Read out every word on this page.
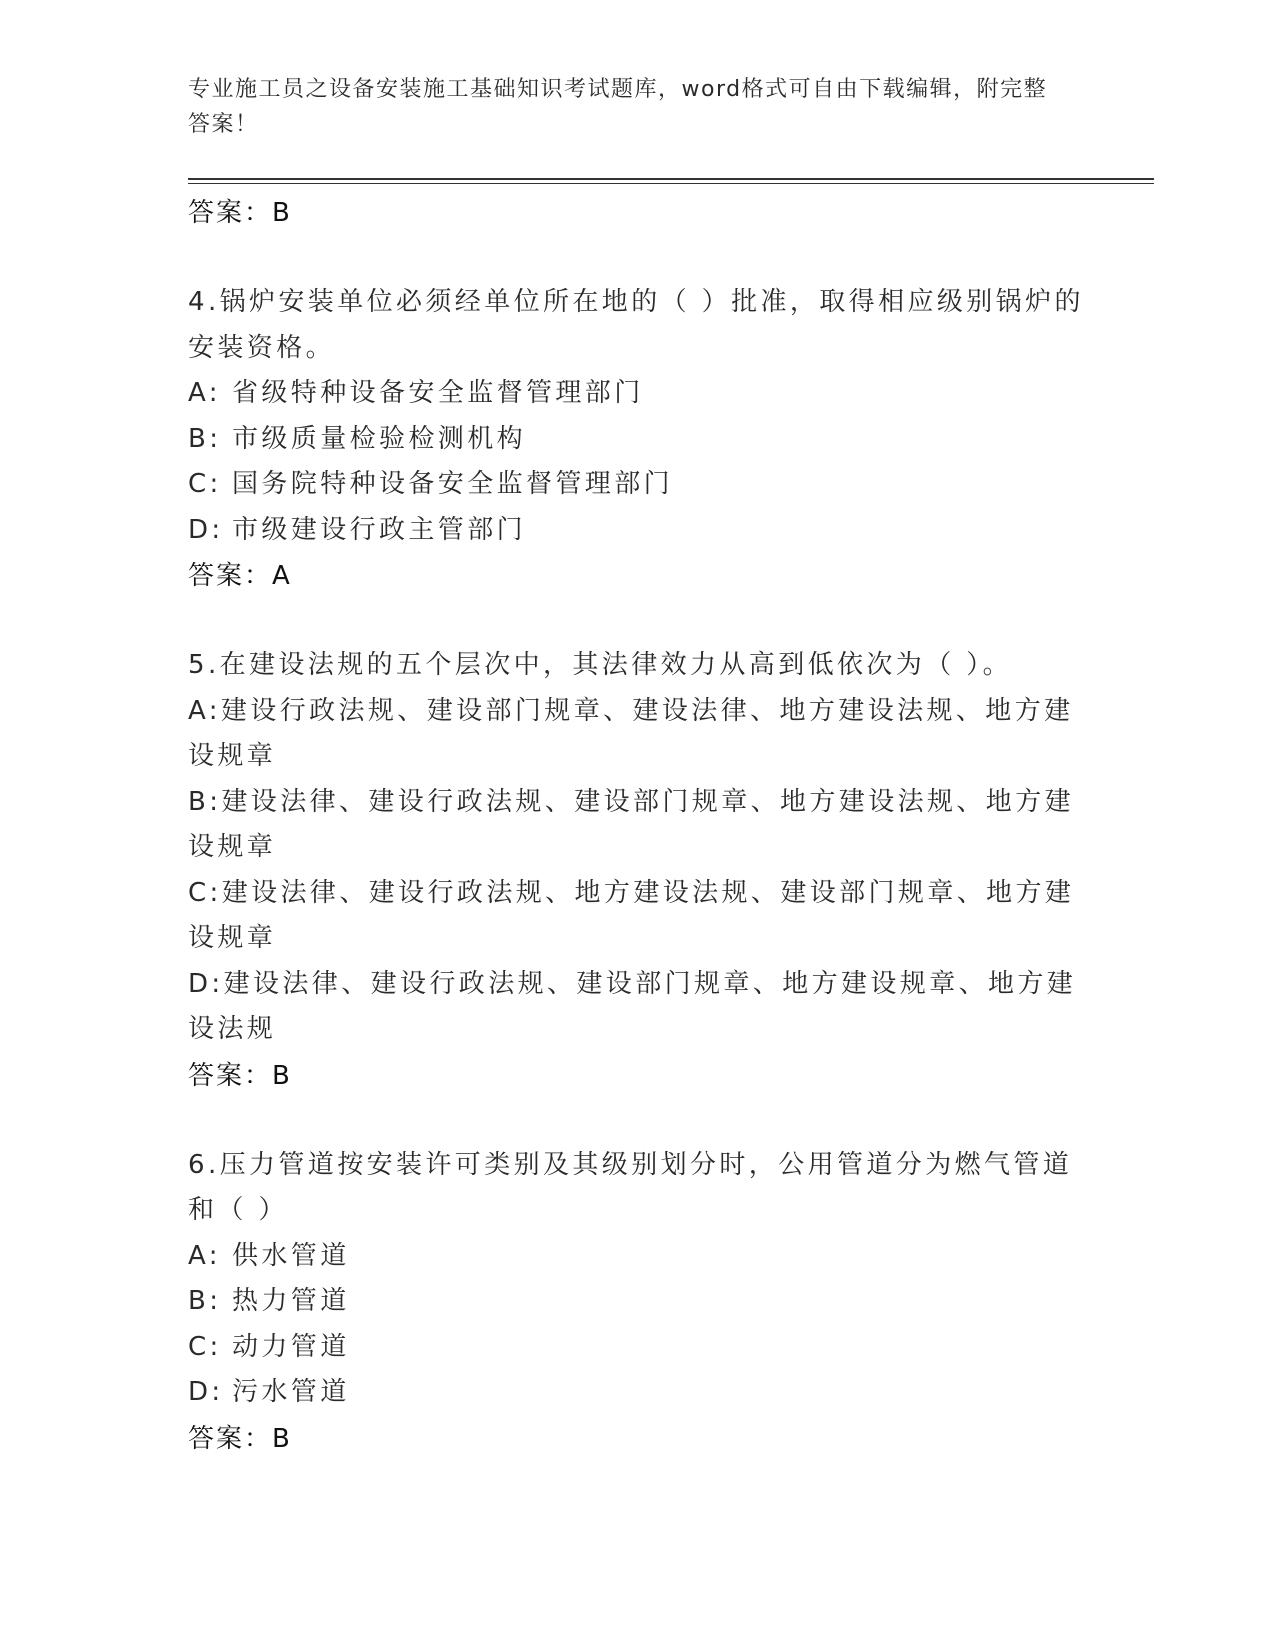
专业施工员之设备安装施工基础知识考试题库，word格式可自由下载编辑，附完整答案！

答案：B

4.锅炉安装单位必须经单位所在地的（ ）批准，取得相应级别锅炉的安装资格。

A: 省级特种设备安全监督管理部门

B: 市级质量检验检测机构

C: 国务院特种设备安全监督管理部门

D: 市级建设行政主管部门

答案：A

5.在建设法规的五个层次中，其法律效力从高到低依次为（ ）。

A:建设行政法规、建设部门规章、建设法律、地方建设法规、地方建设规章

B:建设法律、建设行政法规、建设部门规章、地方建设法规、地方建设规章

C:建设法律、建设行政法规、地方建设法规、建设部门规章、地方建设规章

D:建设法律、建设行政法规、建设部门规章、地方建设规章、地方建设法规

答案：B

6.压力管道按安装许可类别及其级别划分时，公用管道分为燃气管道和（ ）

A: 供水管道

B: 热力管道

C: 动力管道

D: 污水管道

答案：B
